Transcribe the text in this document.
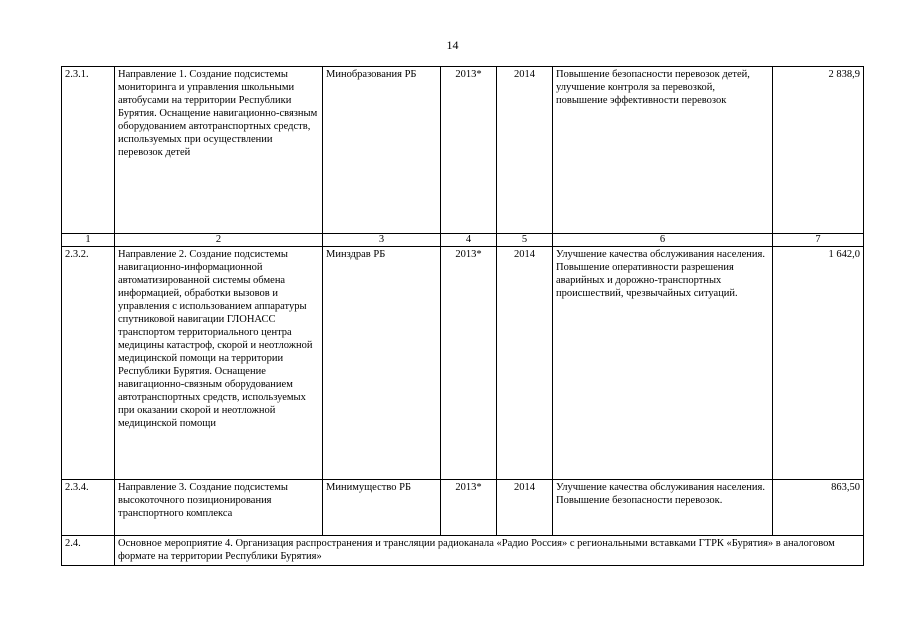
14
2.3.1.	Направление 1. Создание подсистемы мониторинга и управления школьными автобусами на территории Республики Бурятия. Оснащение навигационно-связным оборудованием автотранспортных средств, используемых при осуществлении перевозок детей	Минобразования РБ	2013*	2014	Повышение безопасности перевозок детей, улучшение контроля за перевозкой, повышение эффективности перевозок	2 838,9
1	2	3	4	5	6	7
2.3.2.	Направление 2. Создание подсистемы навигационно-информационной автоматизированной системы обмена информацией, обработки вызовов и управления с использованием аппаратуры спутниковой навигации ГЛОНАСС транспортом территориального центра медицины катастроф, скорой и неотложной медицинской помощи на территории Республики Бурятия. Оснащение навигационно-связным оборудованием автотранспортных средств, используемых при оказании скорой и неотложной медицинской помощи	Минздрав РБ	2013*	2014	Улучшение качества обслуживания населения. Повышение оперативности разрешения аварийных и дорожно-транспортных происшествий, чрезвычайных ситуаций.	1 642,0
2.3.4.	Направление 3. Создание подсистемы высокоточного позиционирования транспортного комплекса	Минимущество РБ	2013*	2014	Улучшение качества обслуживания населения. Повышение безопасности перевозок.	863,50
2.4.	Основное мероприятие 4. Организация распространения и трансляции радиоканала «Радио Россия» с региональными вставками ГТРК «Бурятия» в аналоговом формате на территории Республики Бурятия»					
